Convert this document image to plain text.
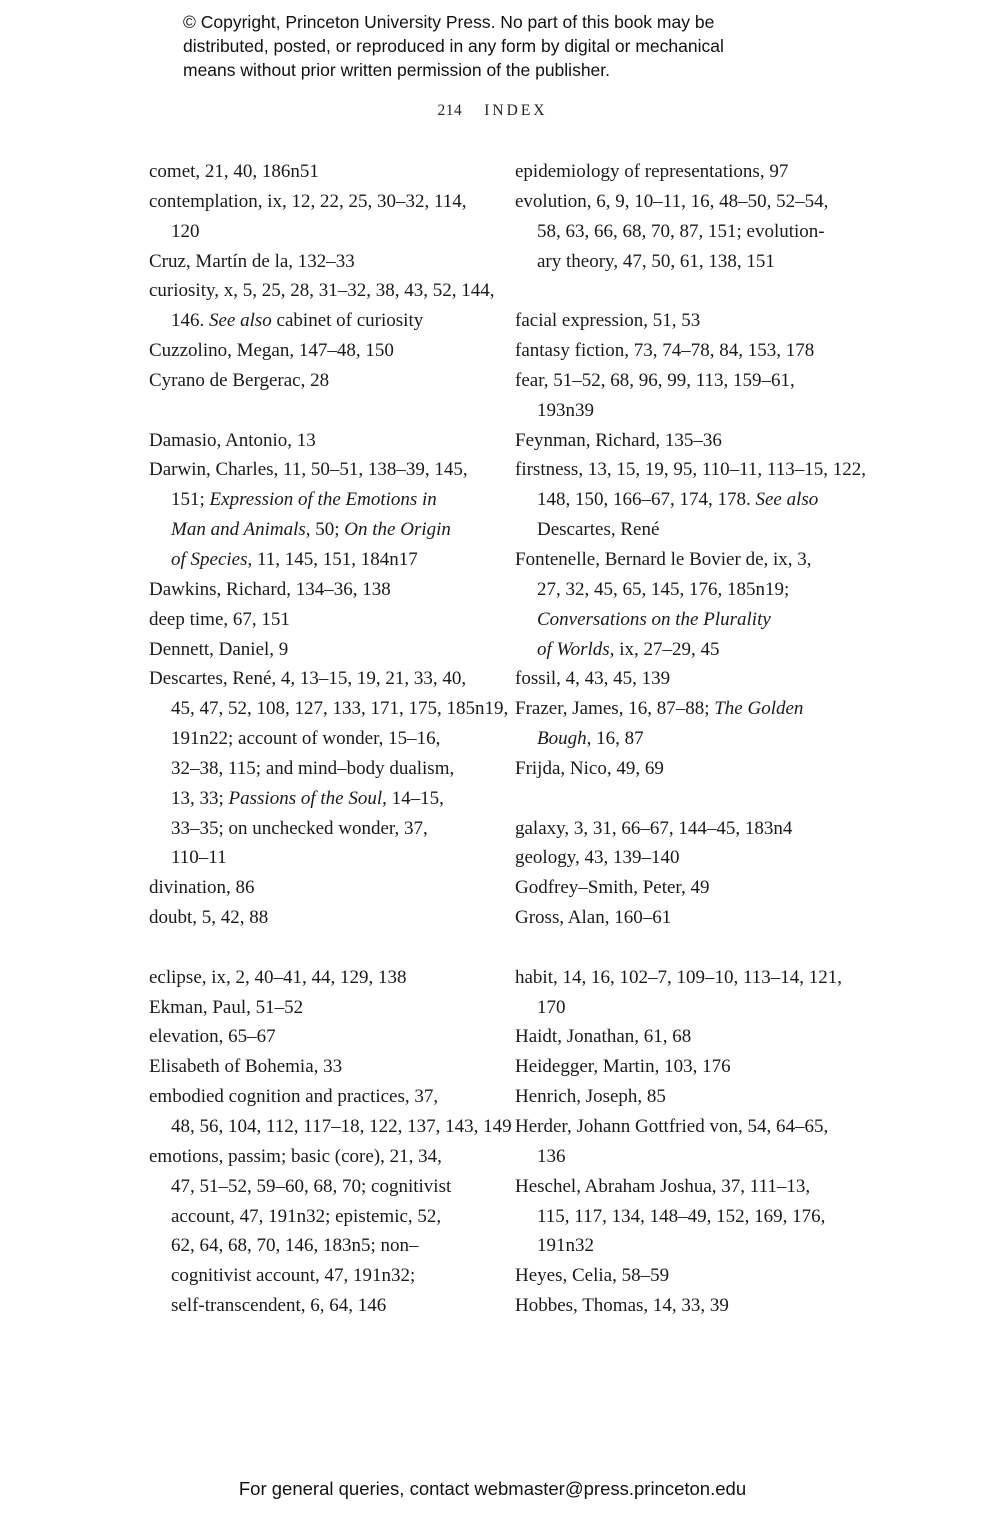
© Copyright, Princeton University Press. No part of this book may be
distributed, posted, or reproduced in any form by digital or mechanical
means without prior written permission of the publisher.
214 INDEX
comet, 21, 40, 186n51
contemplation, ix, 12, 22, 25, 30–32, 114,
120
Cruz, Martín de la, 132–33
curiosity, x, 5, 25, 28, 31–32, 38, 43, 52, 144,
146. See also cabinet of curiosity
Cuzzolino, Megan, 147–48, 150
Cyrano de Bergerac, 28
Damasio, Antonio, 13
Darwin, Charles, 11, 50–51, 138–39, 145,
151; Expression of the Emotions in
Man and Animals, 50; On the Origin
of Species, 11, 145, 151, 184n17
Dawkins, Richard, 134–36, 138
deep time, 67, 151
Dennett, Daniel, 9
Descartes, René, 4, 13–15, 19, 21, 33, 40,
45, 47, 52, 108, 127, 133, 171, 175, 185n19,
191n22; account of wonder, 15–16,
32–38, 115; and mind–body dualism,
13, 33; Passions of the Soul, 14–15,
33–35; on unchecked wonder, 37,
110–11
divination, 86
doubt, 5, 42, 88
eclipse, ix, 2, 40–41, 44, 129, 138
Ekman, Paul, 51–52
elevation, 65–67
Elisabeth of Bohemia, 33
embodied cognition and practices, 37,
48, 56, 104, 112, 117–18, 122, 137, 143, 149
emotions, passim; basic (core), 21, 34,
47, 51–52, 59–60, 68, 70; cognitivist
account, 47, 191n32; epistemic, 52,
62, 64, 68, 70, 146, 183n5; non–
cognitivist account, 47, 191n32;
self-transcendent, 6, 64, 146
epidemiology of representations, 97
evolution, 6, 9, 10–11, 16, 48–50, 52–54,
58, 63, 66, 68, 70, 87, 151; evolution-
ary theory, 47, 50, 61, 138, 151
facial expression, 51, 53
fantasy fiction, 73, 74–78, 84, 153, 178
fear, 51–52, 68, 96, 99, 113, 159–61,
193n39
Feynman, Richard, 135–36
firstness, 13, 15, 19, 95, 110–11, 113–15, 122,
148, 150, 166–67, 174, 178. See also
Descartes, René
Fontenelle, Bernard le Bovier de, ix, 3,
27, 32, 45, 65, 145, 176, 185n19;
Conversations on the Plurality
of Worlds, ix, 27–29, 45
fossil, 4, 43, 45, 139
Frazer, James, 16, 87–88; The Golden
Bough, 16, 87
Frijda, Nico, 49, 69
galaxy, 3, 31, 66–67, 144–45, 183n4
geology, 43, 139–140
Godfrey–Smith, Peter, 49
Gross, Alan, 160–61
habit, 14, 16, 102–7, 109–10, 113–14, 121,
170
Haidt, Jonathan, 61, 68
Heidegger, Martin, 103, 176
Henrich, Joseph, 85
Herder, Johann Gottfried von, 54, 64–65,
136
Heschel, Abraham Joshua, 37, 111–13,
115, 117, 134, 148–49, 152, 169, 176,
191n32
Heyes, Celia, 58–59
Hobbes, Thomas, 14, 33, 39
For general queries, contact webmaster@press.princeton.edu
